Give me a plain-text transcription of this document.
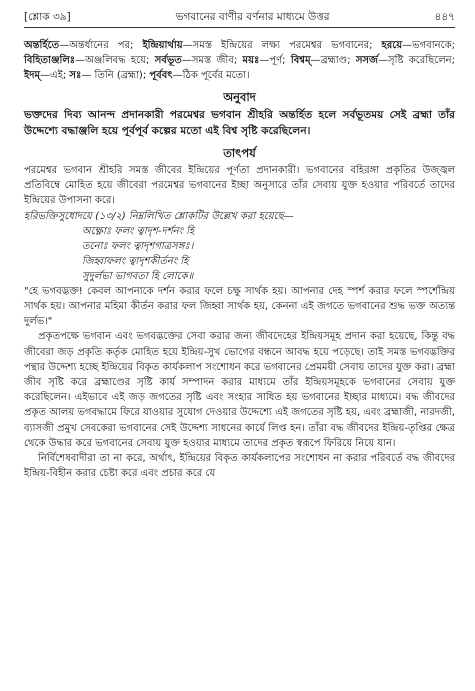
[শ্লোক ৩৯]	ভগবানের বাণীর বর্ণনার মাধ্যমে উত্তর	৪৪৭

অন্তর্হিতে—অন্তর্ধানের পর; ইন্দ্রিয়ার্থায়—সমস্ত ইন্দ্রিয়ের লক্ষ্য পরমেশ্বর ভগবানের; হরয়ে—ভগবানকে; বিহিতাঞ্জলিঃ—অঞ্জলিবদ্ধ হয়ে; সর্বভূত—সমস্ত জীব; ময়ঃ—পূর্ণ; বিশ্বম্—ব্রহ্মাণ্ড; সসর্জ—সৃষ্টি করেছিলেন; ইদম্—এই; সঃ— তিনি (ব্রহ্মা); পূর্ববৎ—ঠিক পূর্বের মতো।

অনুবাদ

ভক্তদের দিব্য আনন্দ প্রদানকারী পরমেশ্বর ভগবান শ্রীহরি অন্তর্হিত হলে সর্বভূতময় সেই ব্রহ্মা তাঁর উদ্দেশ্যে বদ্ধাঞ্জলি হয়ে পূর্বপূর্ব কল্পের মতো এই বিশ্ব সৃষ্টি করেছিলেন।

তাৎপর্য

পরমেশ্বর ভগবান শ্রীহরি সমস্ত জীবের ইন্দ্রিয়ের পূর্ণতা প্রদানকারী। ভগবানের বহিরঙ্গা প্রকৃতির উজ্জ্বল প্রতিবিম্বে মোহিত হয়ে জীবেরা পরমেশ্বর ভগবানের ইচ্ছা অনুসারে তাঁর সেবায় যুক্ত হওয়ার পরিবর্তে তাদের ইন্দ্রিয়ের উপাসনা করে।

হরিভক্তিসুধোদয়ে (১৩/২) নিম্নলিখিত শ্লোকটির উল্লেখ করা হয়েছে—

অক্ষ্ণোঃ ফলং ত্বাদৃশ-দর্শনং হি
তনোঃ ফলং ত্বাদৃশগাত্রসঙ্গঃ।
জিহ্বাফলং ত্বাদৃশকীর্তনং হি
সুদুর্লভা ভাগবতা হি লোকে॥

"হে ভগবদ্ভক্ত! কেবল আপনাকে দর্শন করার ফলে চক্ষু সার্থক হয়। আপনার দেহ স্পর্শ করার ফলে স্পর্শেন্দ্রিয় সার্থক হয়। আপনার মহিমা কীর্তন করার ফল জিহ্বা সার্থক হয়, কেননা এই জগতে ভগবানের শুদ্ধ ভক্ত অত্যন্ত দুর্লভ।"

প্রকৃতপক্ষে ভগবান এবং ভগবদ্ভক্তের সেবা করার জন্য জীবদেহের ইন্দ্রিয়সমূহ প্রদান করা হয়েছে, কিন্তু বদ্ধ জীবেরা জড় প্রকৃতি কর্তৃক মোহিত হয়ে ইন্দ্রিয়-সুখ ভোগের বন্ধনে আবদ্ধ হয়ে পড়েছে। তাই সমস্ত ভগবদ্ভক্তির পন্থার উদ্দেশ্য হচ্ছে ইন্দ্রিয়ের বিকৃত কার্যকলাপ সংশোধন করে ভগবানের প্রেমময়ী সেবায় তাদের যুক্ত করা। ব্রহ্মা জীব সৃষ্টি করে ব্রহ্মাণ্ডের সৃষ্টি কার্য সম্পাদন করার মাধ্যমে তাঁর ইন্দ্রিয়সমূহকে ভগবানের সেবায় যুক্ত করেছিলেন। এইভাবে এই জড় জগতের সৃষ্টি এবং সংহার সাধিত হয় ভগবানের ইচ্ছার মাধ্যমে। বদ্ধ জীবদের প্রকৃত আলয় ভগবদ্ধামে ফিরে যাওয়ার সুযোগ দেওয়ার উদ্দেশ্যে এই জগতের সৃষ্টি হয়, এবং ব্রহ্মাজী, নারদজী, ব্যাসজী প্রমুখ সেবকেরা ভগবানের সেই উদ্দেশ্য সাধনের কার্যে লিপ্ত হন। তাঁরা বদ্ধ জীবদের ইন্দ্রিয়-তৃপ্তির ক্ষেত্র থেকে উদ্ধার করে ভগবানের সেবায় যুক্ত হওয়ার মাধ্যমে তাদের প্রকৃত স্বরূপে ফিরিয়ে নিয়ে যান।

নির্বিশেষবাদীরা তা না করে, অর্থাৎ, ইন্দ্রিয়ের বিকৃত কার্যকলাপের সংশোধন না করার পরিবর্তে বদ্ধ জীবদের ইন্দ্রিয়-বিহীন করার চেষ্টা করে এবং প্রচার করে যে
